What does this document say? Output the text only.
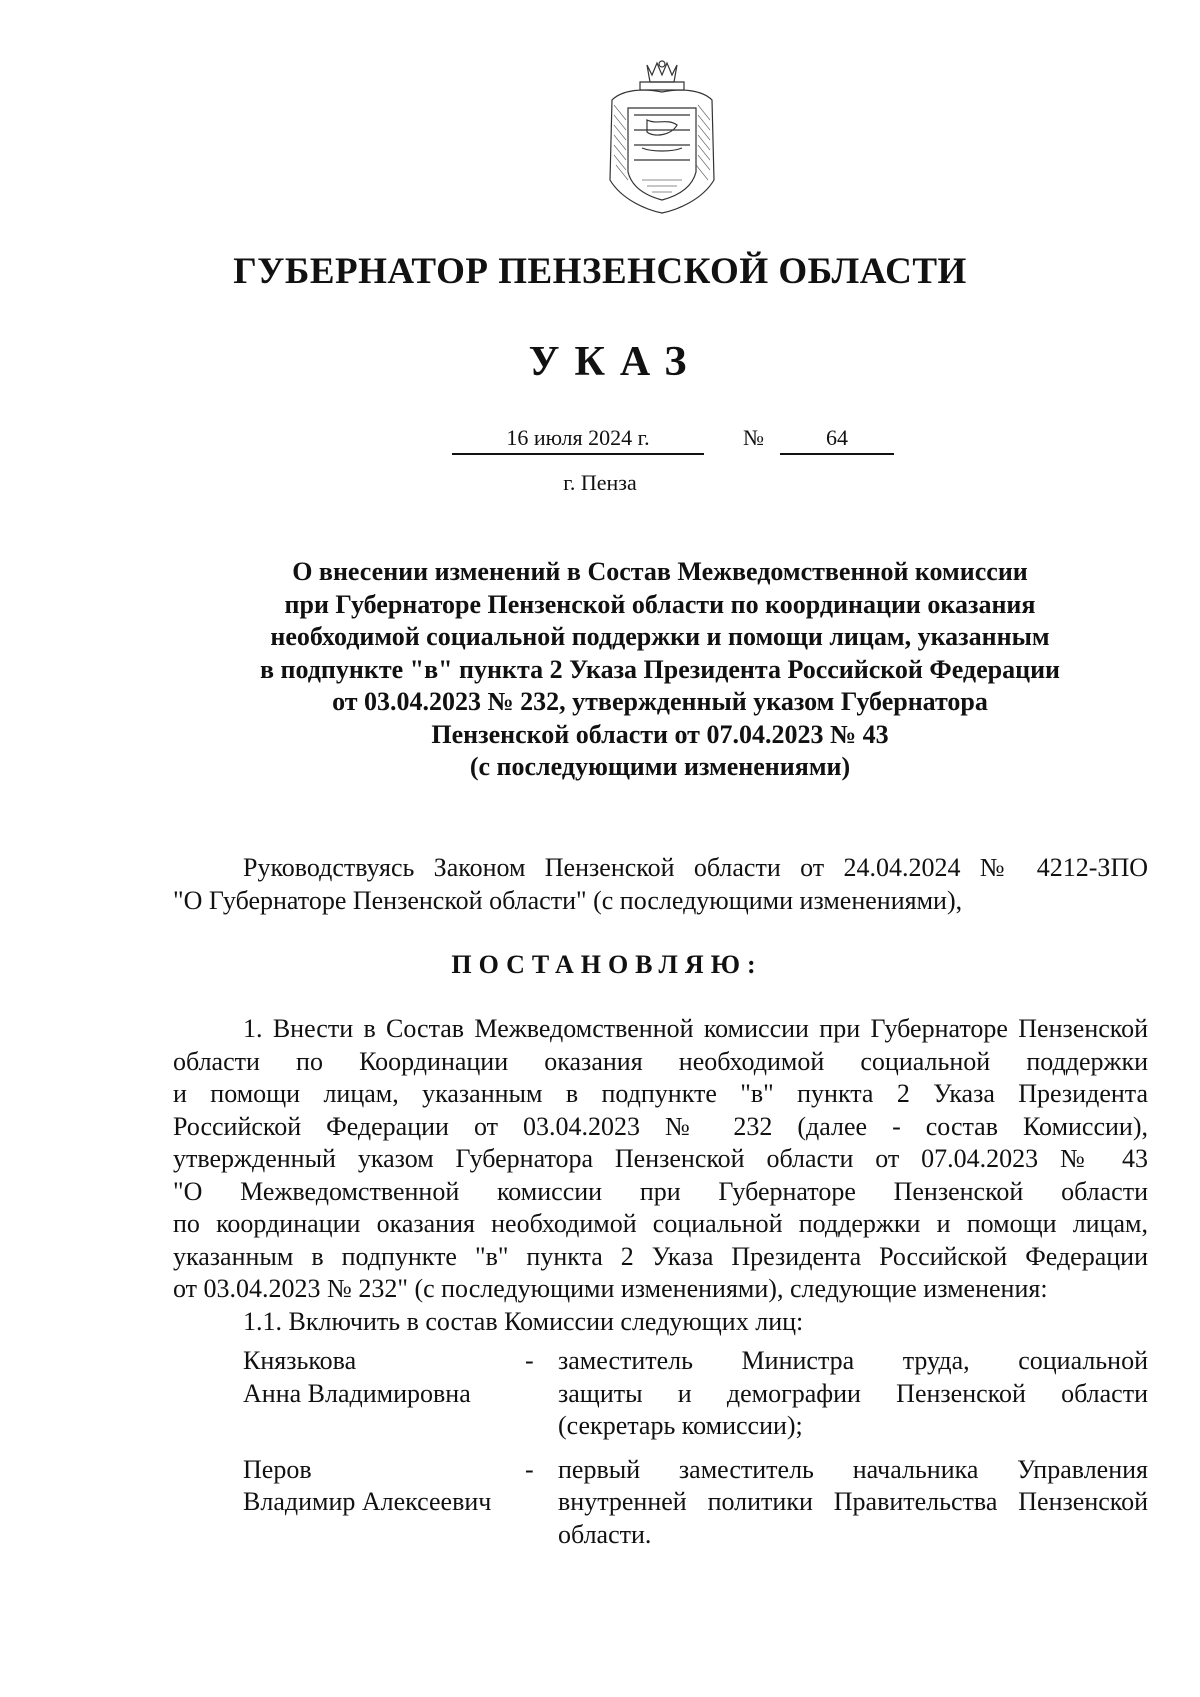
ГУБЕРНАТОР ПЕНЗЕНСКОЙ ОБЛАСТИ
УКАЗ
16 июля 2024 г.	№	64
г. Пенза
О внесении изменений в Состав Межведомственной комиссии
при Губернаторе Пензенской области по координации оказания
необходимой социальной поддержки и помощи лицам, указанным
в подпункте "в" пункта 2 Указа Президента Российской Федерации
от 03.04.2023 № 232, утвержденный указом Губернатора
Пензенской области от 07.04.2023 № 43
(с последующими изменениями)
Руководствуясь Законом Пензенской области от 24.04.2024 № 4212-ЗПО
"О Губернаторе Пензенской области" (с последующими изменениями),
ПОСТАНОВЛЯЮ:
1. Внести в Состав Межведомственной комиссии при Губернаторе Пензенской
области по Координации оказания необходимой социальной поддержки
и помощи лицам, указанным в подпункте "в" пункта 2 Указа Президента
Российской Федерации от 03.04.2023 № 232 (далее - состав Комиссии),
утвержденный указом Губернатора Пензенской области от 07.04.2023 № 43
"О Межведомственной комиссии при Губернаторе Пензенской области
по координации оказания необходимой социальной поддержки и помощи лицам,
указанным в подпункте "в" пункта 2 Указа Президента Российской Федерации
от 03.04.2023 № 232" (с последующими изменениями), следующие изменения:
1.1. Включить в состав Комиссии следующих лиц:
Князькова
Анна Владимировна
- заместитель Министра труда, социальной
защиты и демографии Пензенской области
(секретарь комиссии);
Перов
Владимир Алексеевич
- первый заместитель начальника Управления
внутренней политики Правительства Пензенской
области.
